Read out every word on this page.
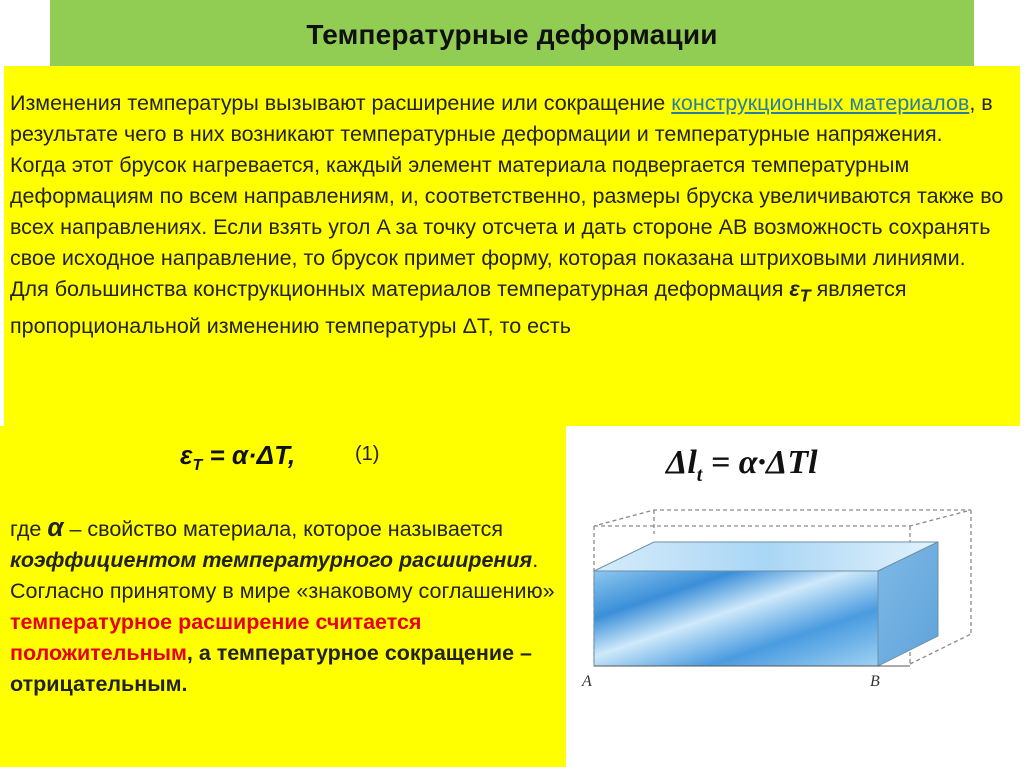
Температурные деформации
Изменения температуры вызывают расширение или сокращение конструкционных материалов, в результате чего в них возникают температурные деформации и температурные напряжения.
Когда этот брусок нагревается, каждый элемент материала подвергается температурным деформациям по всем направлениям, и, соответственно, размеры бруска увеличиваются также во всех направлениях. Если взять угол A за точку отсчета и дать стороне AB возможность сохранять свое исходное направление, то брусок примет форму, которая показана штриховыми линиями. Для большинства конструкционных материалов температурная деформация $\varepsilon_T$ является пропорциональной изменению температуры ΔT, то есть
$\varepsilon_T = \alpha\cdot\Delta T$,	(1)
где α – свойство материала, которое называется коэффициентом температурного расширения. Согласно принятому в мире «знаковому соглашению» температурное расширение считается положительным, а температурное сокращение – отрицательным.
$\Delta l_t = \alpha\cdot\Delta Tl$
A	B
